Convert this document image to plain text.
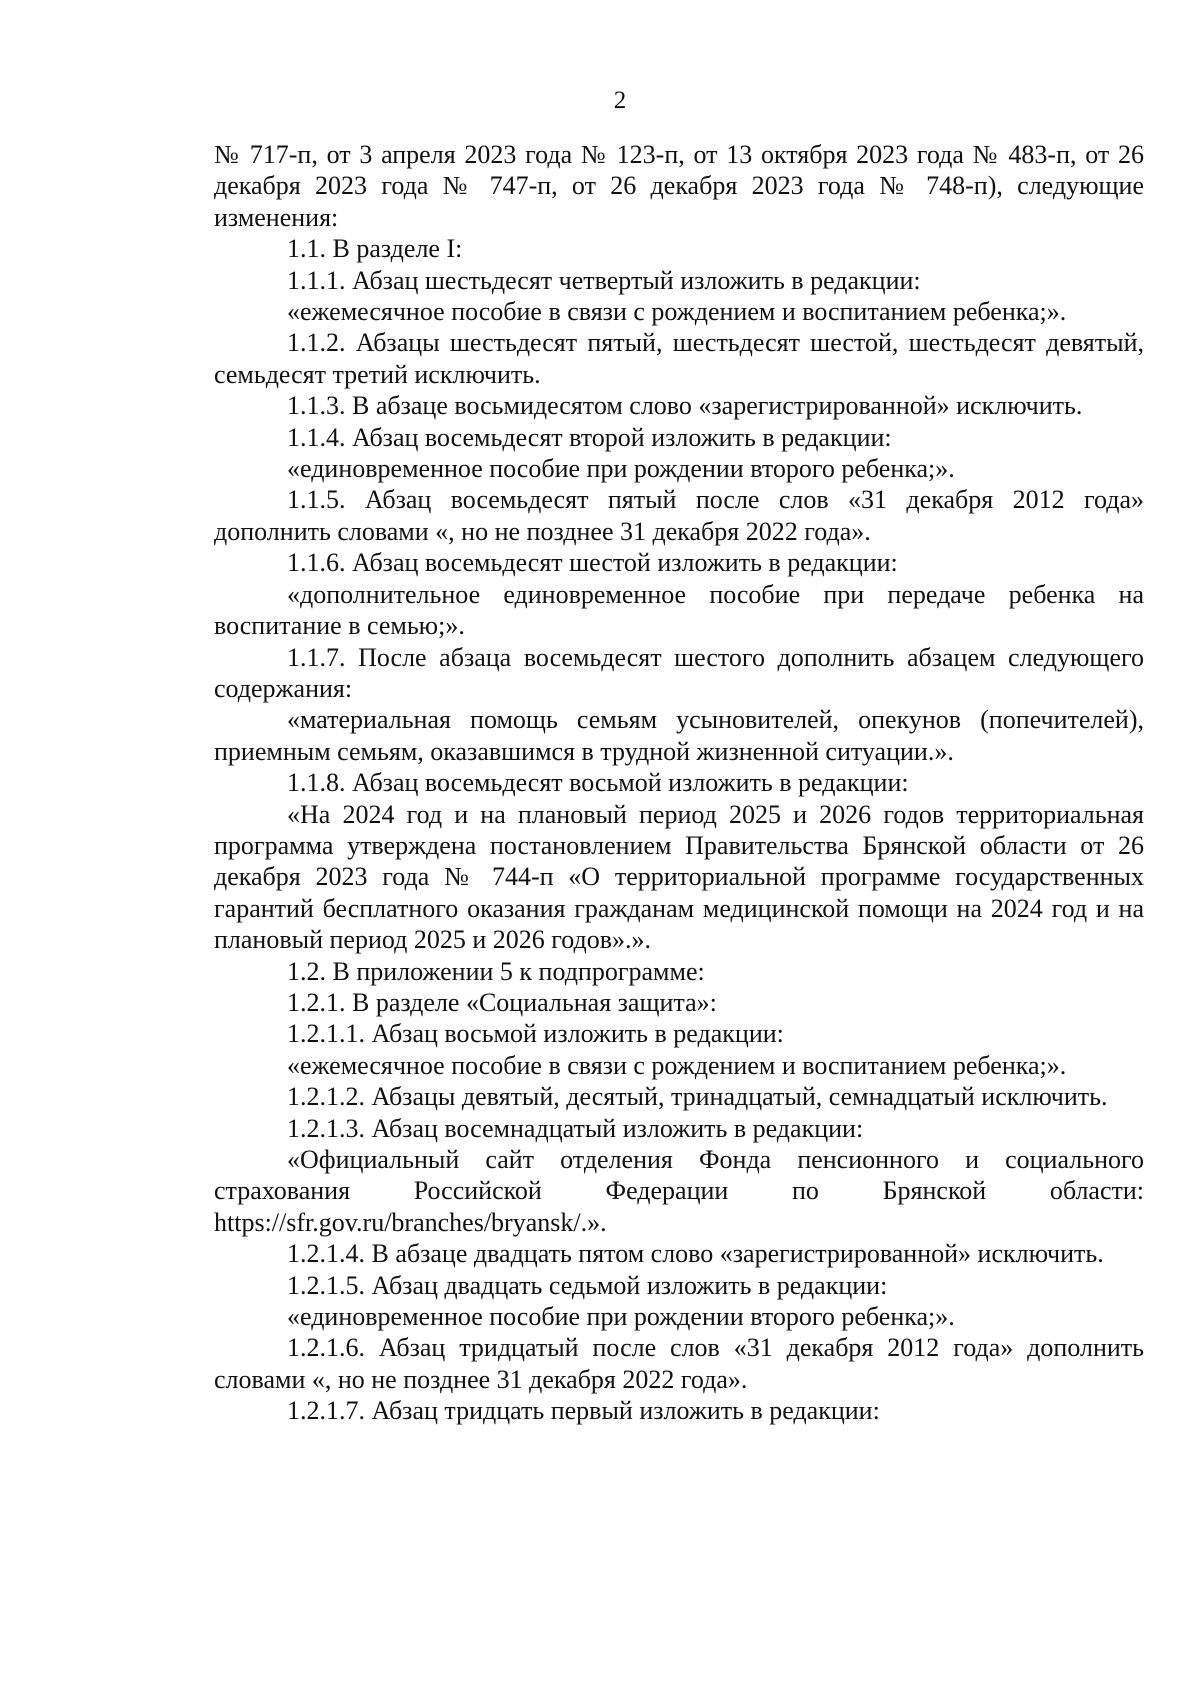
2

№ 717-п, от 3 апреля 2023 года № 123-п, от 13 октября 2023 года № 483-п, от 26 декабря 2023 года № 747-п, от 26 декабря 2023 года № 748-п), следующие изменения:

1.1. В разделе I:

1.1.1. Абзац шестьдесят четвертый изложить в редакции:

«ежемесячное пособие в связи с рождением и воспитанием ребенка;».

1.1.2. Абзацы шестьдесят пятый, шестьдесят шестой, шестьдесят девятый, семьдесят третий исключить.

1.1.3. В абзаце восьмидесятом слово «зарегистрированной» исключить.

1.1.4. Абзац восемьдесят второй изложить в редакции:

«единовременное пособие при рождении второго ребенка;».

1.1.5. Абзац восемьдесят пятый после слов «31 декабря 2012 года» дополнить словами «, но не позднее 31 декабря 2022 года».

1.1.6. Абзац восемьдесят шестой изложить в редакции:

«дополнительное единовременное пособие при передаче ребенка на воспитание в семью;».

1.1.7. После абзаца восемьдесят шестого дополнить абзацем следующего содержания:

«материальная помощь семьям усыновителей, опекунов (попечителей), приемным семьям, оказавшимся в трудной жизненной ситуации.».

1.1.8. Абзац восемьдесят восьмой изложить в редакции:

«На 2024 год и на плановый период 2025 и 2026 годов территориальная программа утверждена постановлением Правительства Брянской области от 26 декабря 2023 года № 744-п «О территориальной программе государственных гарантий бесплатного оказания гражданам медицинской помощи на 2024 год и на плановый период 2025 и 2026 годов».».

1.2. В приложении 5 к подпрограмме:

1.2.1. В разделе «Социальная защита»:

1.2.1.1. Абзац восьмой изложить в редакции:

«ежемесячное пособие в связи с рождением и воспитанием ребенка;».

1.2.1.2. Абзацы девятый, десятый, тринадцатый, семнадцатый исключить.

1.2.1.3. Абзац восемнадцатый изложить в редакции:

«Официальный сайт отделения Фонда пенсионного и социального страхования Российской Федерации по Брянской области: https://sfr.gov.ru/branches/bryansk/.».

1.2.1.4. В абзаце двадцать пятом слово «зарегистрированной» исключить.

1.2.1.5. Абзац двадцать седьмой изложить в редакции:

«единовременное пособие при рождении второго ребенка;».

1.2.1.6. Абзац тридцатый после слов «31 декабря 2012 года» дополнить словами «, но не позднее 31 декабря 2022 года».

1.2.1.7. Абзац тридцать первый изложить в редакции:
